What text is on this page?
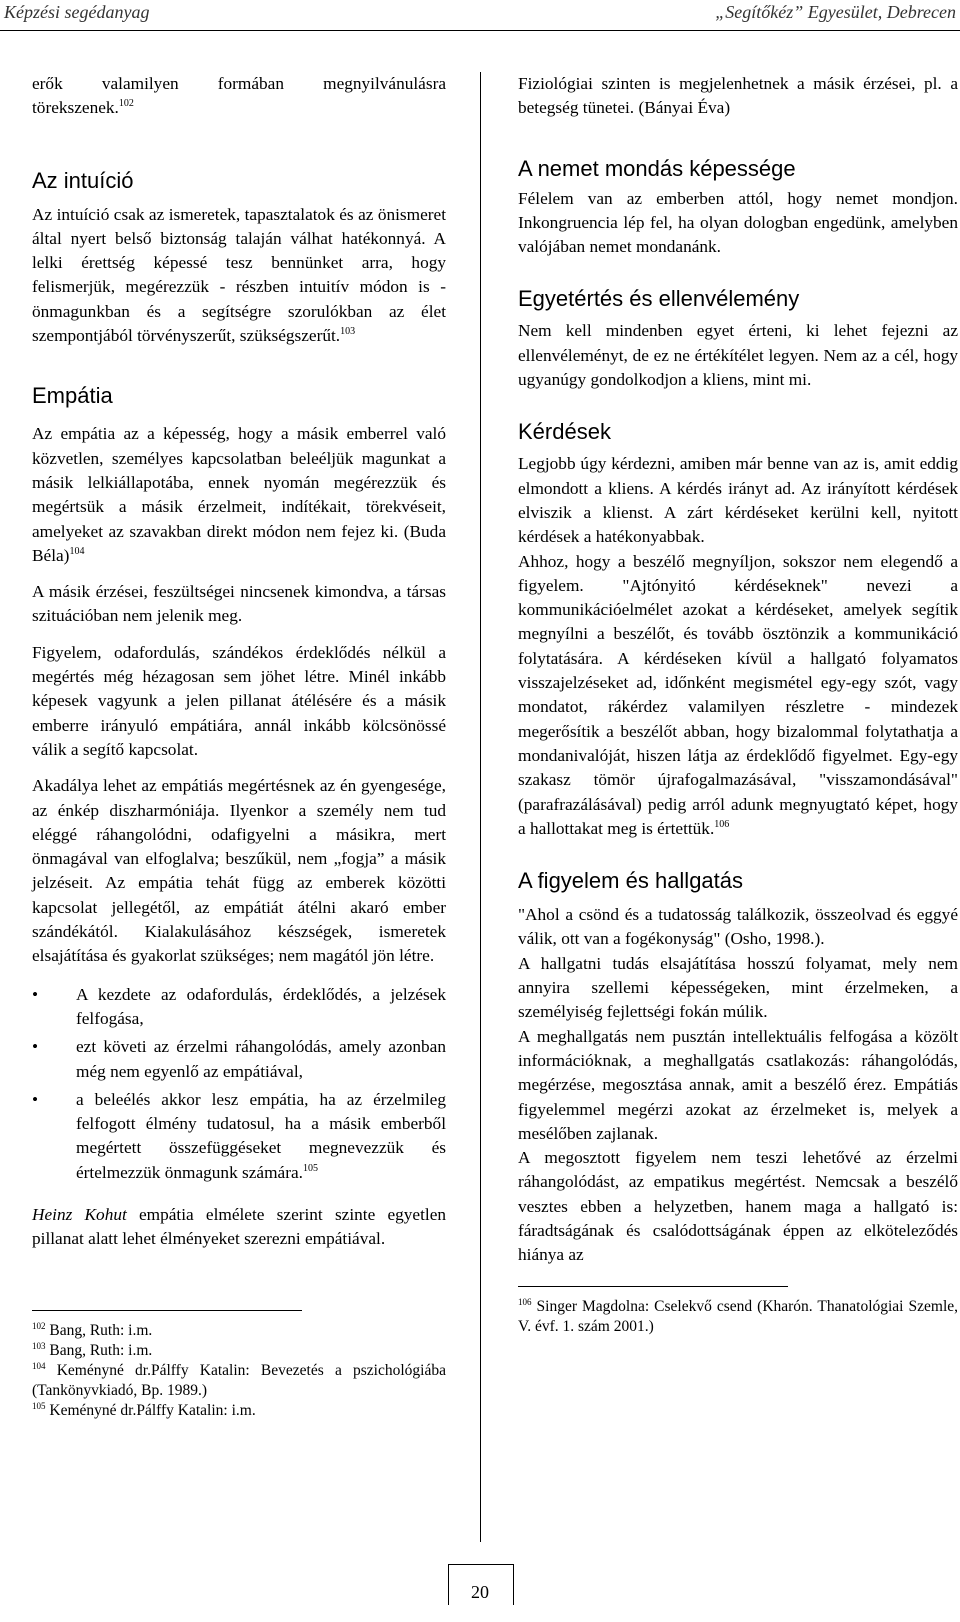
Képzési segédanyag	„Segítőkéz” Egyesület, Debrecen

erők valamilyen formában megnyilvánulásra törekszenek.$^{102}$

Az intuíció

Az intuíció csak az ismeretek, tapasztalatok és az önismeret által nyert belső biztonság talaján válhat hatékonnyá. A lelki érettség képessé tesz bennünket arra, hogy felismerjük, megérezzük - részben intuitív módon is - önmagunkban és a segítségre szorulókban az élet szempontjából törvényszerűt, szükségszerűt.$^{103}$

Empátia

Az empátia az a képesség, hogy a másik emberrel való közvetlen, személyes kapcsolatban beleéljük magunkat a másik lelkiállapotába, ennek nyomán megérezzük és megértsük a másik érzelmeit, indítékait, törekvéseit, amelyeket az szavakban direkt módon nem fejez ki. (Buda Béla)$^{104}$

A másik érzései, feszültségei nincsenek kimondva, a társas szituációban nem jelenik meg.

Figyelem, odafordulás, szándékos érdeklődés nélkül a megértés még hézagosan sem jöhet létre. Minél inkább képesek vagyunk a jelen pillanat átélésére és a másik emberre irányuló empátiára, annál inkább kölcsönössé válik a segítő kapcsolat.

Akadálya lehet az empátiás megértésnek az én gyengesége, az énkép diszharmóniája. Ilyenkor a személy nem tud eléggé ráhangolódni, odafigyelni a másikra, mert önmagával van elfoglalva; beszűkül, nem „fogja” a másik jelzéseit. Az empátia tehát függ az emberek közötti kapcsolat jellegétől, az empátiát átélni akaró ember szándékától. Kialakulásához készségek, ismeretek elsajátítása és gyakorlat szükséges; nem magától jön létre.

• A kezdete az odafordulás, érdeklődés, a jelzések felfogása,
• ezt követi az érzelmi ráhangolódás, amely azonban még nem egyenlő az empátiával,
• a beleélés akkor lesz empátia, ha az érzelmileg felfogott élmény tudatosul, ha a másik emberből megértett összefüggéseket megnevezzük és értelmezzük önmagunk számára.$^{105}$

Heinz Kohut empátia elmélete szerint szinte egyetlen pillanat alatt lehet élményeket szerezni empátiával.

$^{102}$ Bang, Ruth: i.m.

$^{103}$ Bang, Ruth: i.m.

$^{104}$ Keményné dr.Pálffy Katalin: Bevezetés a pszichológiába (Tankönyvkiadó, Bp. 1989.)

$^{105}$ Keményné dr.Pálffy Katalin: i.m.

Fiziológiai szinten is megjelenhetnek a másik érzései, pl. a betegség tünetei. (Bányai Éva)

A nemet mondás képessége

Félelem van az emberben attól, hogy nemet mondjon. Inkongruencia lép fel, ha olyan dologban engedünk, amelyben valójában nemet mondanánk.

Egyetértés és ellenvélemény

Nem kell mindenben egyet érteni, ki lehet fejezni az ellenvéleményt, de ez ne értékítélet legyen. Nem az a cél, hogy ugyanúgy gondolkodjon a kliens, mint mi.

Kérdések

Legjobb úgy kérdezni, amiben már benne van az is, amit eddig elmondott a kliens. A kérdés irányt ad. Az irányított kérdések elviszik a klienst. A zárt kérdéseket kerülni kell, nyitott kérdések a hatékonyabbak.

Ahhoz, hogy a beszélő megnyíljon, sokszor nem elegendő a figyelem. "Ajtónyitó kérdéseknek" nevezi a kommunikációelmélet azokat a kérdéseket, amelyek segítik megnyílni a beszélőt, és tovább ösztönzik a kommunikáció folytatására. A kérdéseken kívül a hallgató folyamatos visszajelzéseket ad, időnként megismétel egy-egy szót, vagy mondatot, rákérdez valamilyen részletre - mindezek megerősítik a beszélőt abban, hogy bizalommal folytathatja a mondanivalóját, hiszen látja az érdeklődő figyelmet. Egy-egy szakasz tömör újrafogalmazásával, "visszamondásával" (parafrazálásával) pedig arról adunk megnyugtató képet, hogy a hallottakat meg is értettük.$^{106}$

A figyelem és hallgatás

"Ahol a csönd és a tudatosság találkozik, összeolvad és eggyé válik, ott van a fogékonyság" (Osho, 1998.).

A hallgatni tudás elsajátítása hosszú folyamat, mely nem annyira szellemi képességeken, mint érzelmeken, a személyiség fejlettségi fokán múlik.

A meghallgatás nem pusztán intellektuális felfogása a közölt információknak, a meghallgatás csatlakozás: ráhangolódás, megérzése, megosztása annak, amit a beszélő érez. Empátiás figyelemmel megérzi azokat az érzelmeket is, melyek a mesélőben zajlanak.

A megosztott figyelem nem teszi lehetővé az érzelmi ráhangolódást, az empatikus megértést. Nemcsak a beszélő vesztes ebben a helyzetben, hanem maga a hallgató is: fáradtságának és csalódottságának éppen az elköteleződés hiánya az

$^{106}$ Singer Magdolna: Cselekvő csend (Kharón. Thanatológiai Szemle, V. évf. 1. szám 2001.)

20
